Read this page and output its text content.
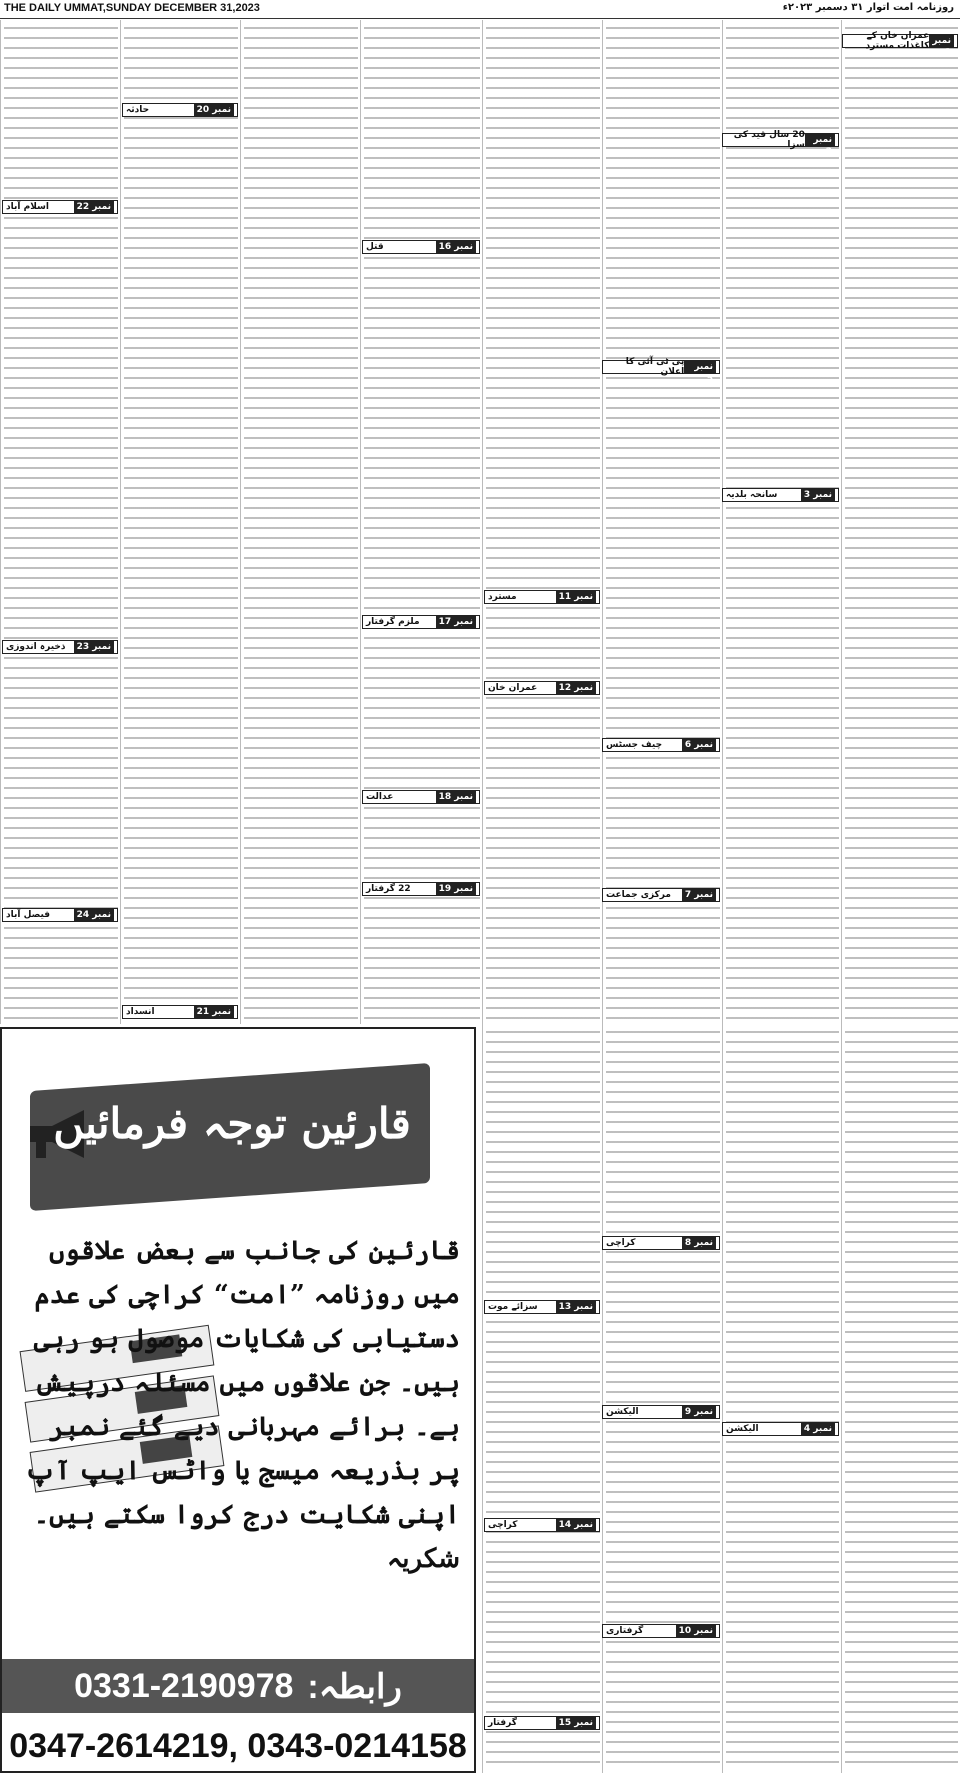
THE DAILY UMMAT,SUNDAY DECEMBER 31,2023	روزنامہ امت اتوار ۳۱ دسمبر ۲۰۲۳ء
نمبر 1
عمران خان کے کاغذات مسترد
نمبر 2
20 سال قید کی سزا
نمبر 3
سانحہ بلدیہ
نمبر 4
الیکشن
نمبر 5
پی ٹی آئی کا اعلان
نمبر 6
چیف جسٹس
نمبر 7
مرکزی جماعت
نمبر 8
کراچی
نمبر 9
الیکشن
نمبر 10
گرفتاری
نمبر 11
مسترد
نمبر 12
عمران خان
نمبر 13
سزائے موت
نمبر 14
کراچی
نمبر 15
گرفتار
نمبر 16
قتل
نمبر 17
ملزم گرفتار
نمبر 18
عدالت
نمبر 19
22 گرفتار
نمبر 20
حادثہ
نمبر 21
انسداد
نمبر 22
اسلام آباد
نمبر 23
ذخیرہ اندوزی
نمبر 24
فیصل آباد
قارئین توجہ فرمائیں
قارئین کی جانب سے بعض علاقوں میں روزنامہ ”امت“ کراچی کی عدم دستیابی کی شکایات موصول ہو رہی ہیں۔ جن علاقوں میں مسئلہ درپیش ہے۔ برائے مہربانی دیے گئے نمبر پر بذریعہ میسج یا واٹس ایپ آپ اپنی شکایت درج کروا سکتے ہیں۔
شکریہ
0331-2190978 رابطہ:
0347-2614219, 0343-0214158
